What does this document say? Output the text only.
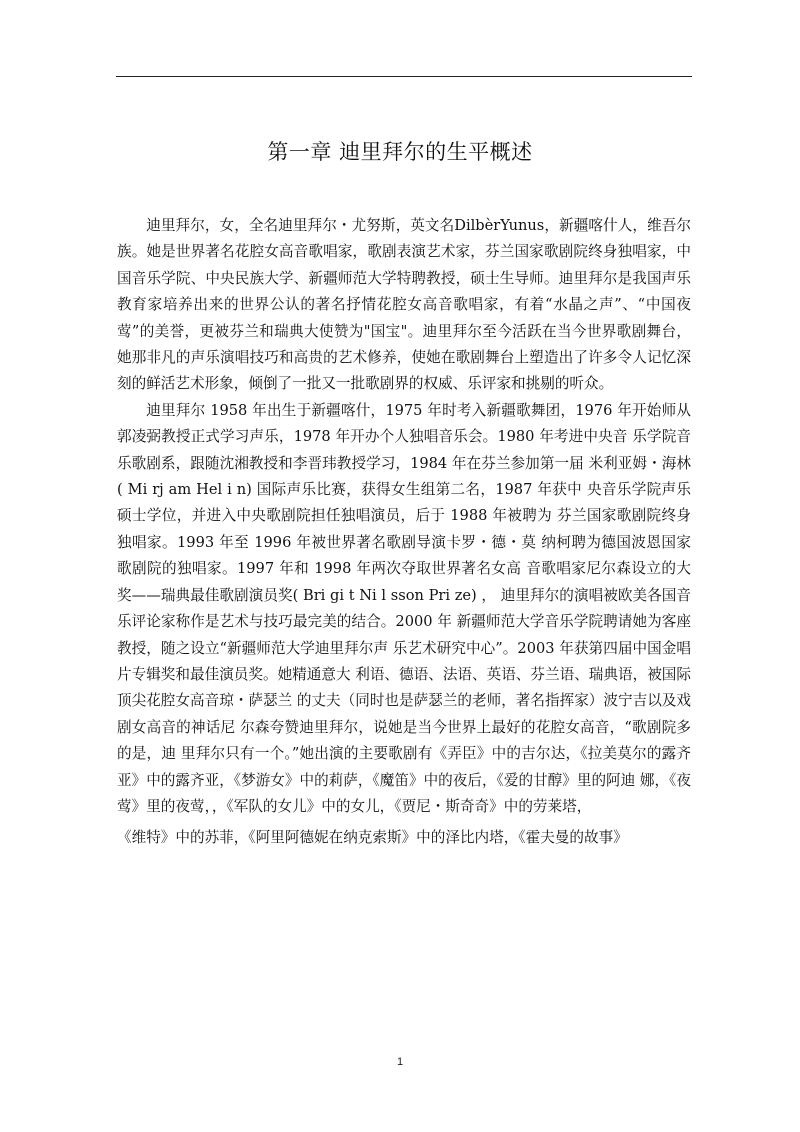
第一章 迪里拜尔的生平概述

迪里拜尔，女，全名迪里拜尔・尤努斯，英文名DilbèrYunus，新疆喀什人，维吾尔族。她是世界著名花腔女高音歌唱家，歌剧表演艺术家，芬兰国家歌剧院终身独唱家，中国音乐学院、中央民族大学、新疆师范大学特聘教授，硕士生导师。迪里拜尔是我国声乐教育家培养出来的世界公认的著名抒情花腔女高音歌唱家，有着“水晶之声”、“中国夜莺”的美誉，更被芬兰和瑞典大使赞为"国宝"。迪里拜尔至今活跃在当今世界歌剧舞台，她那非凡的声乐演唱技巧和高贵的艺术修养，使她在歌剧舞台上塑造出了许多令人记忆深刻的鲜活艺术形象，倾倒了一批又一批歌剧界的权威、乐评家和挑剔的听众。

迪里拜尔 1958 年出生于新疆喀什，1975 年时考入新疆歌舞团，1976 年开始师从郭凌弼教授正式学习声乐，1978 年开办个人独唱音乐会。1980 年考进中央音 乐学院音乐歌剧系，跟随沈湘教授和李晋玮教授学习，1984 年在芬兰参加第一届 米利亚姆・海林( Mi rj am Hel i n) 国际声乐比赛，获得女生组第二名，1987 年获中 央音乐学院声乐硕士学位，并进入中央歌剧院担任独唱演员，后于 1988 年被聘为 芬兰国家歌剧院终身独唱家。1993 年至 1996 年被世界著名歌剧导演卡罗・德・莫 纳柯聘为德国波恩国家歌剧院的独唱家。1997 年和 1998 年两次夺取世界著名女高 音歌唱家尼尔森设立的大奖——瑞典最佳歌剧演员奖( Bri gi t Ni l sson Pri ze) ， 迪里拜尔的演唱被欧美各国音乐评论家称作是艺术与技巧最完美的结合。2000 年 新疆师范大学音乐学院聘请她为客座教授，随之设立“新疆师范大学迪里拜尔声 乐艺术研究中心”。2003 年获第四届中国金唱片专辑奖和最佳演员奖。她精通意大 利语、德语、法语、英语、芬兰语、瑞典语，被国际顶尖花腔女高音琼・萨瑟兰 的丈夫（同时也是萨瑟兰的老师，著名指挥家）波宁吉以及戏剧女高音的神话尼 尔森夸赞迪里拜尔，说她是当今世界上最好的花腔女高音，“歌剧院多的是，迪 里拜尔只有一个。”她出演的主要歌剧有《弄臣》中的吉尔达，《拉美莫尔的露齐 亚》中的露齐亚，《梦游女》中的莉萨，《魔笛》中的夜后，《爱的甘醇》里的阿迪 娜，《夜莺》里的夜莺，，《军队的女儿》中的女儿，《贾尼・斯奇奇》中的劳莱塔，

《维特》中的苏菲，《阿里阿德妮在纳克索斯》中的泽比内塔，《霍夫曼的故事》

1
